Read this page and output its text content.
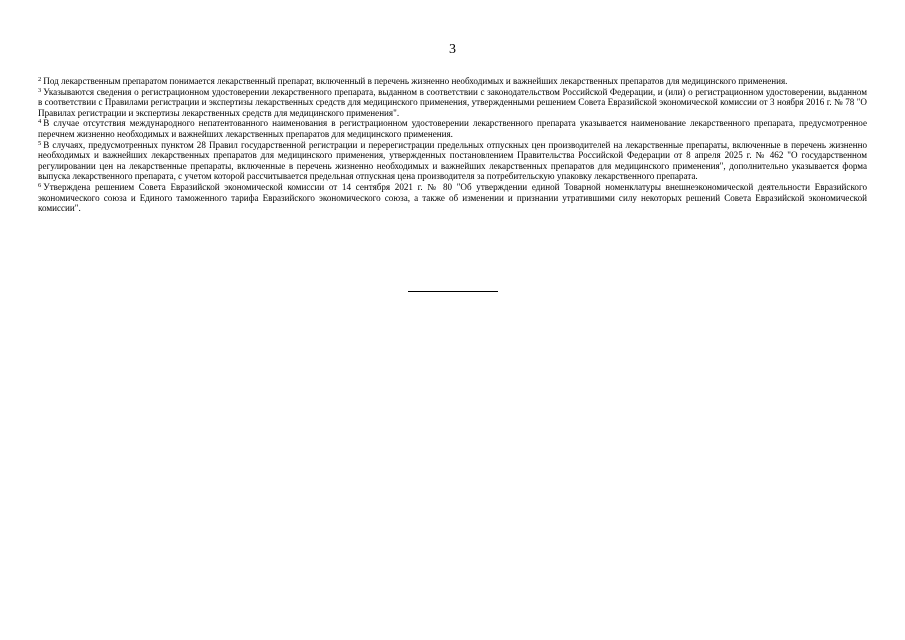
3

$^2$ Под лекарственным препаратом понимается лекарственный препарат, включенный в перечень жизненно необходимых и важнейших лекарственных препаратов для медицинского применения.

$^3$ Указываются сведения о регистрационном удостоверении лекарственного препарата, выданном в соответствии с законодательством Российской Федерации, и (или) о регистрационном удостоверении, выданном в соответствии с Правилами регистрации и экспертизы лекарственных средств для медицинского применения, утвержденными решением Совета Евразийской экономической комиссии от 3 ноября 2016 г. № 78 "О Правилах регистрации и экспертизы лекарственных средств для медицинского применения".

$^4$ В случае отсутствия международного непатентованного наименования в регистрационном удостоверении лекарственного препарата указывается наименование лекарственного препарата, предусмотренное перечнем жизненно необходимых и важнейших лекарственных препаратов для медицинского применения.

$^5$ В случаях, предусмотренных пунктом 28 Правил государственной регистрации и перерегистрации предельных отпускных цен производителей на лекарственные препараты, включенные в перечень жизненно необходимых и важнейших лекарственных препаратов для медицинского применения, утвержденных постановлением Правительства Российской Федерации от 8 апреля 2025 г. № 462 "О государственном регулировании цен на лекарственные препараты, включенные в перечень жизненно необходимых и важнейших лекарственных препаратов для медицинского применения", дополнительно указывается форма выпуска лекарственного препарата, с учетом которой рассчитывается предельная отпускная цена производителя за потребительскую упаковку лекарственного препарата.

$^6$ Утверждена решением Совета Евразийской экономической комиссии от 14 сентября 2021 г. № 80 "Об утверждении единой Товарной номенклатуры внешнеэкономической деятельности Евразийского экономического союза и Единого таможенного тарифа Евразийского экономического союза, а также об изменении и признании утратившими силу некоторых решений Совета Евразийской экономической комиссии".
